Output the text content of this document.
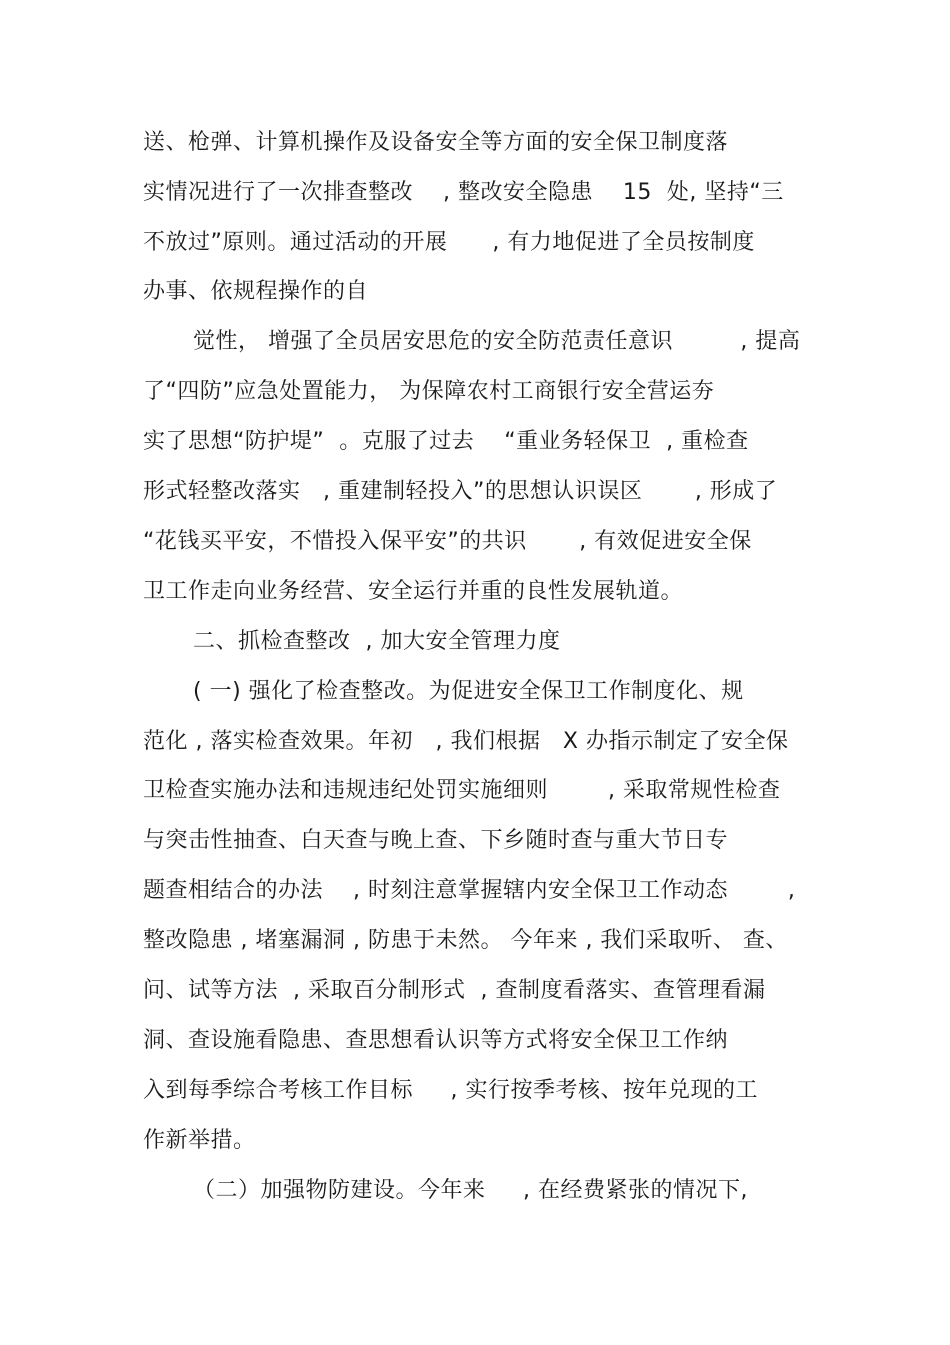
送、枪弹、计算机操作及设备安全等方面的安全保卫制度落
实情况进行了一次排查整改    , 整改安全隐患    15  处, 坚持“三
不放过”原则。通过活动的开展      , 有力地促进了全员按制度
办事、依规程操作的自
觉性， 增强了全员居安思危的安全防范责任意识         , 提高
了“四防”应急处置能力， 为保障农村工商银行安全营运夯
实了思想“防护堤”  。克服了过去    “重业务轻保卫  , 重检查
形式轻整改落实   , 重建制轻投入”的思想认识误区       , 形成了
“花钱买平安，不惜投入保平安”的共识       , 有效促进安全保
卫工作走向业务经营、安全运行并重的良性发展轨道。
二、抓检查整改  , 加大安全管理力度
( 一) 强化了检查整改。为促进安全保卫工作制度化、规
范化 , 落实检查效果。年初   , 我们根据   X 办指示制定了安全保
卫检查实施办法和违规违纪处罚实施细则        , 采取常规性检查
与突击性抽查、白天查与晚上查、下乡随时查与重大节日专
题查相结合的办法    , 时刻注意掌握辖内安全保卫工作动态        ,
整改隐患 , 堵塞漏洞 , 防患于未然。 今年来 , 我们采取听、 查、
问、试等方法  , 采取百分制形式  , 查制度看落实、查管理看漏
洞、查设施看隐患、查思想看认识等方式将安全保卫工作纳
入到每季综合考核工作目标     , 实行按季考核、按年兑现的工
作新举措。
（二）加强物防建设。今年来     , 在经费紧张的情况下,
